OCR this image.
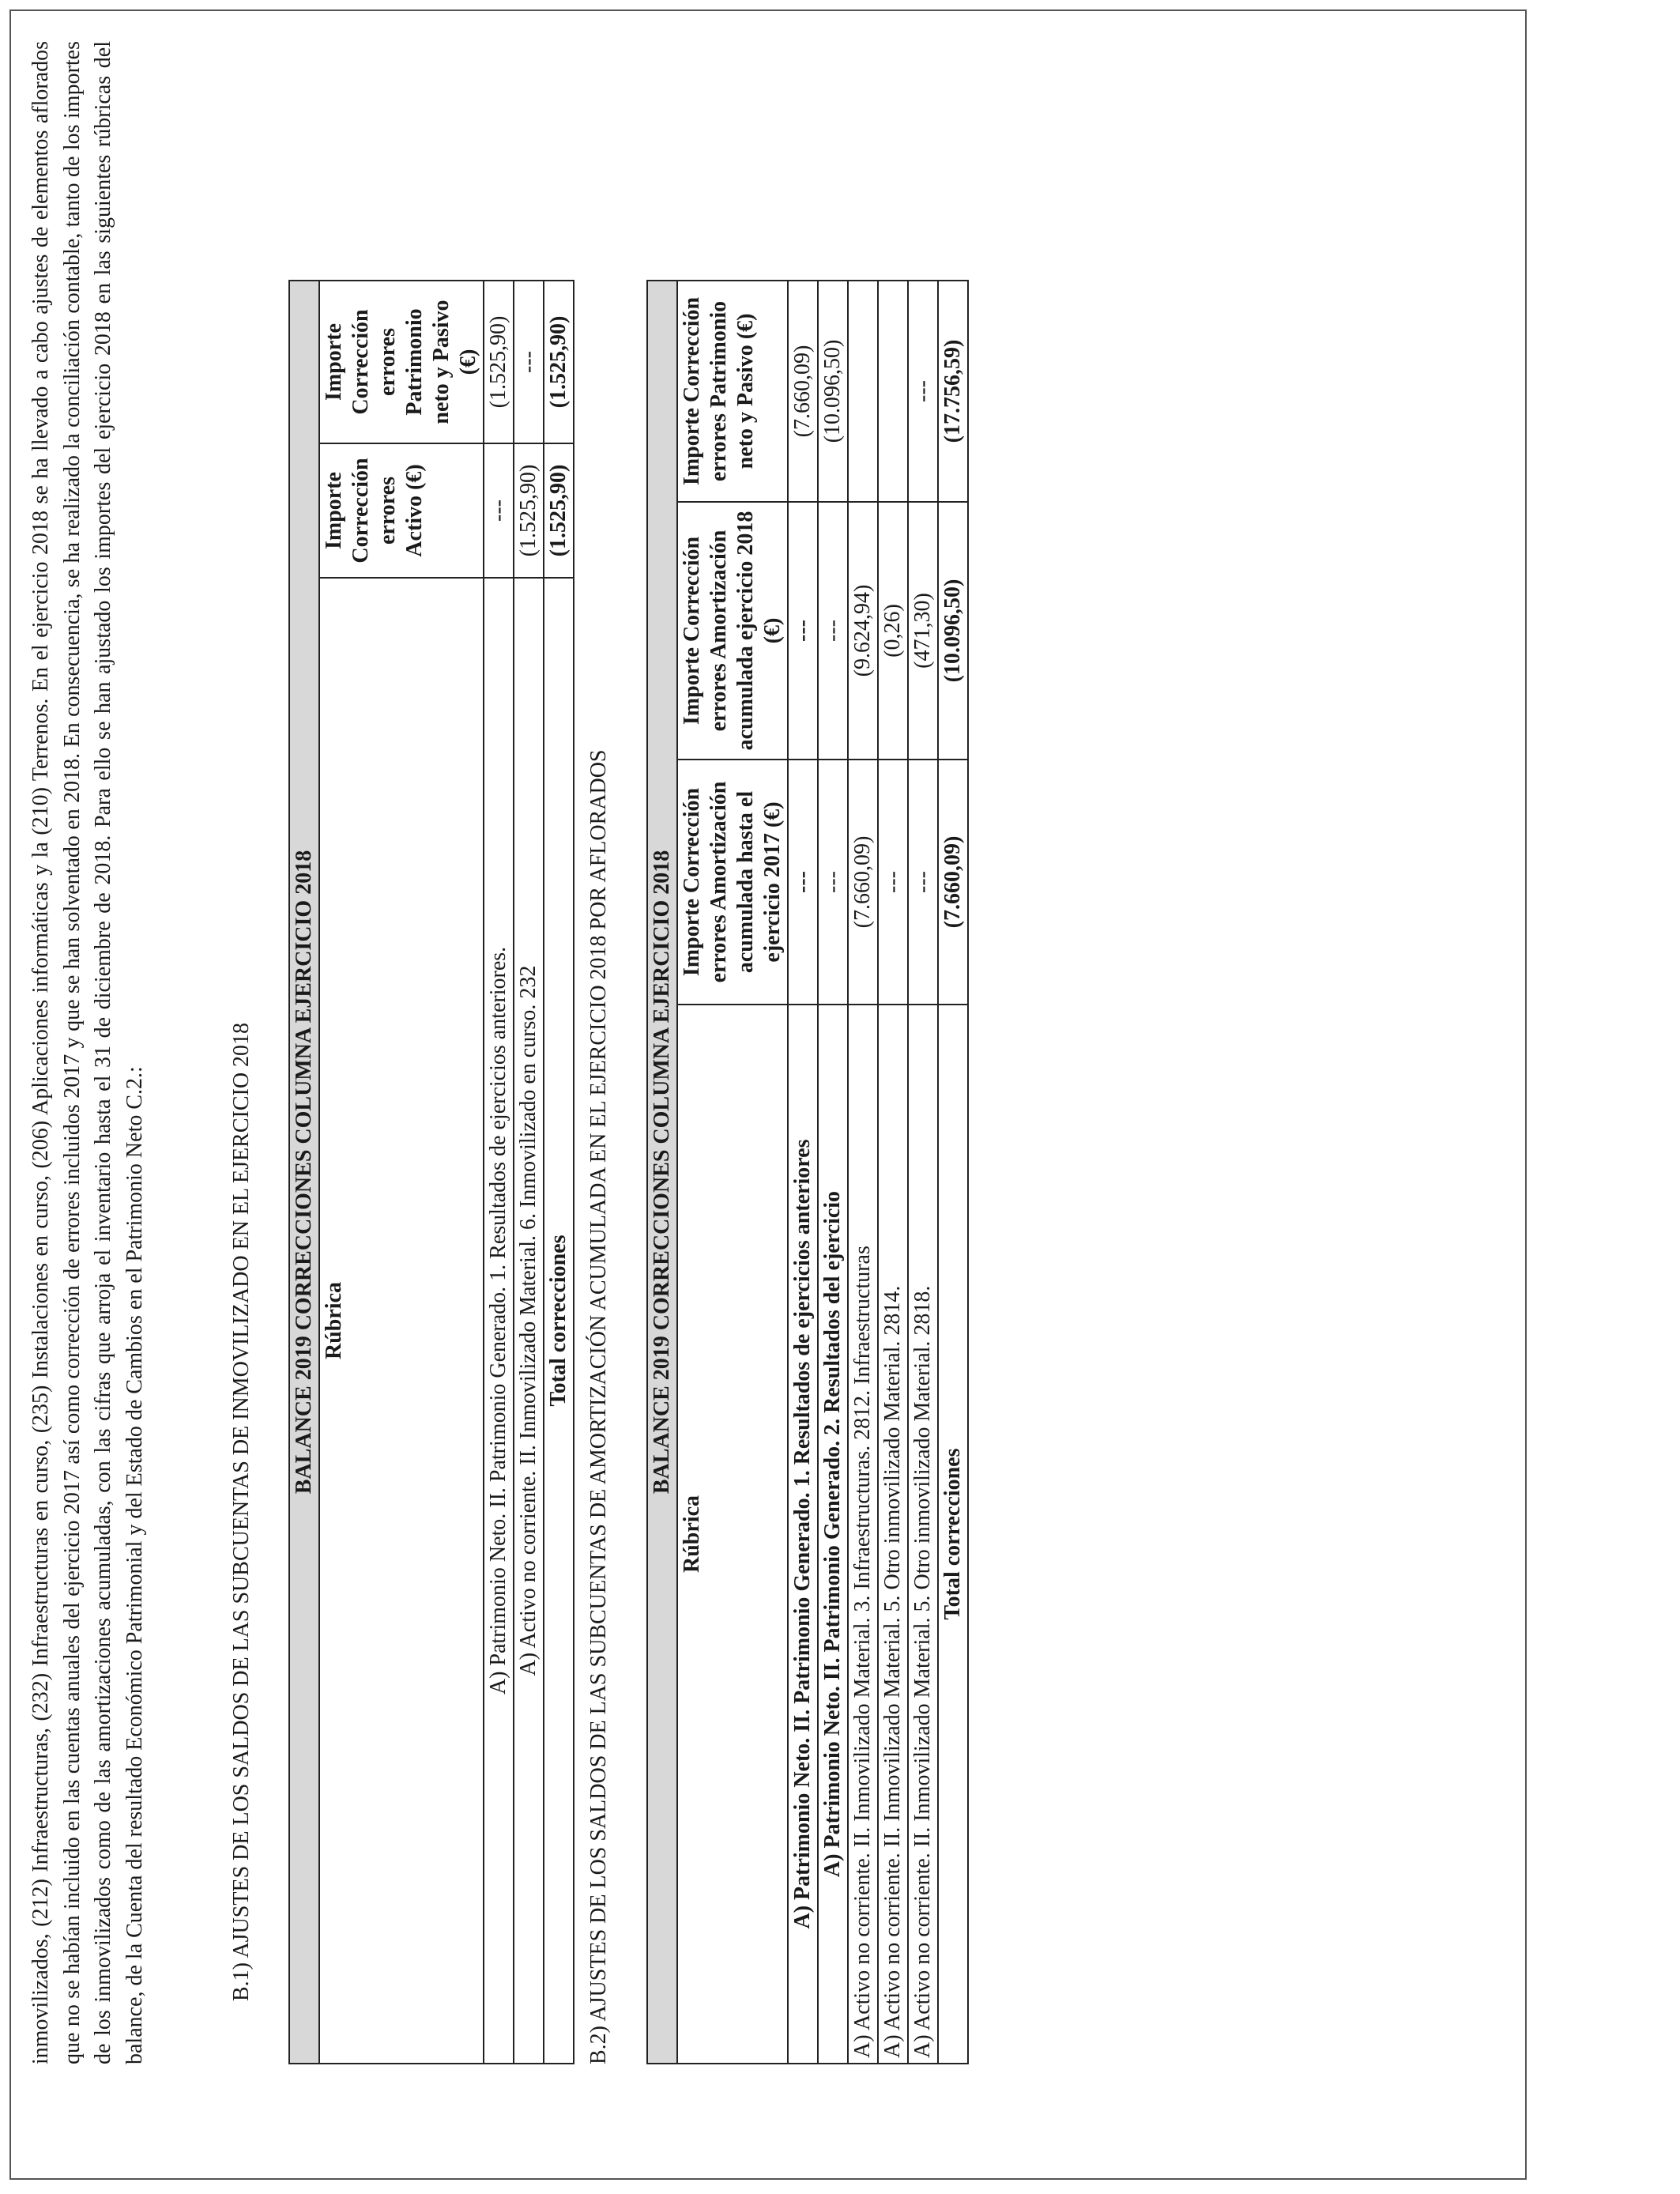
inmovilizados, (212) Infraestructuras, (232) Infraestructuras en curso, (235) Instalaciones en curso, (206) Aplicaciones informáticas y la (210) Terrenos. En el ejercicio 2018 se ha llevado a cabo ajustes de elementos aflorados que no se habían incluido en las cuentas anuales del ejercicio 2017 así como corrección de errores incluidos 2017 y que se han solventado en 2018. En consecuencia, se ha realizado la conciliación contable, tanto de los importes de los inmovilizados como de las amortizaciones acumuladas, con las cifras que arroja el inventario hasta el 31 de diciembre de 2018. Para ello se han ajustado los importes del ejercicio 2018 en las siguientes rúbricas del balance, de la Cuenta del resultado Económico Patrimonial y del Estado de Cambios en el Patrimonio Neto C.2.:	B.1) AJUSTES DE LOS SALDOS DE LAS SUBCUENTAS DE INMOVILIZADO EN EL EJERCICIO 2018 BALANCE 2019 CORRECCIONES COLUMNA EJERCICIO 2018		
Rúbrica	Importe Corrección errores Activo (€)	Importe Corrección errores Patrimonio neto y Pasivo (€)
A) Patrimonio Neto. II. Patrimonio Generado. 1. Resultados de ejercicios anteriores.	---	(1.525,90)
A) Activo no corriente. II. Inmovilizado Material. 6. Inmovilizado en curso. 232	(1.525,90)	---
Total correcciones	(1.525,90)	(1.525,90)

B.2) AJUSTES DE LOS SALDOS DE LAS SUBCUENTAS DE AMORTIZACIÓN ACUMULADA EN EL EJERCICIO 2018 POR AFLORADOS BALANCE 2019 CORRECCIONES COLUMNA EJERCICIO 2018			
Rúbrica	Importe Corrección errores Amortización acumulada hasta el ejercicio 2017 (€)	Importe Corrección errores Amortización acumulada ejercicio 2018 (€)	Importe Corrección errores Patrimonio neto y Pasivo (€)
A) Patrimonio Neto. II. Patrimonio Generado. 1. Resultados de ejercicios anteriores	---	---	(7.660,09)
A) Patrimonio Neto. II. Patrimonio Generado. 2. Resultados del ejercicio	---	---	(10.096,50)
A) Activo no corriente. II. Inmovilizado Material. 3. Infraestructuras. 2812. Infraestructuras	(7.660,09)	(9.624,94)	
A) Activo no corriente. II. Inmovilizado Material. 5. Otro inmovilizado Material. 2814.	---	(0,26)	
A) Activo no corriente. II. Inmovilizado Material. 5. Otro inmovilizado Material. 2818.	---	(471,30)	---
Total correcciones	(7.660,09)	(10.096,50)	(17.756,59)
